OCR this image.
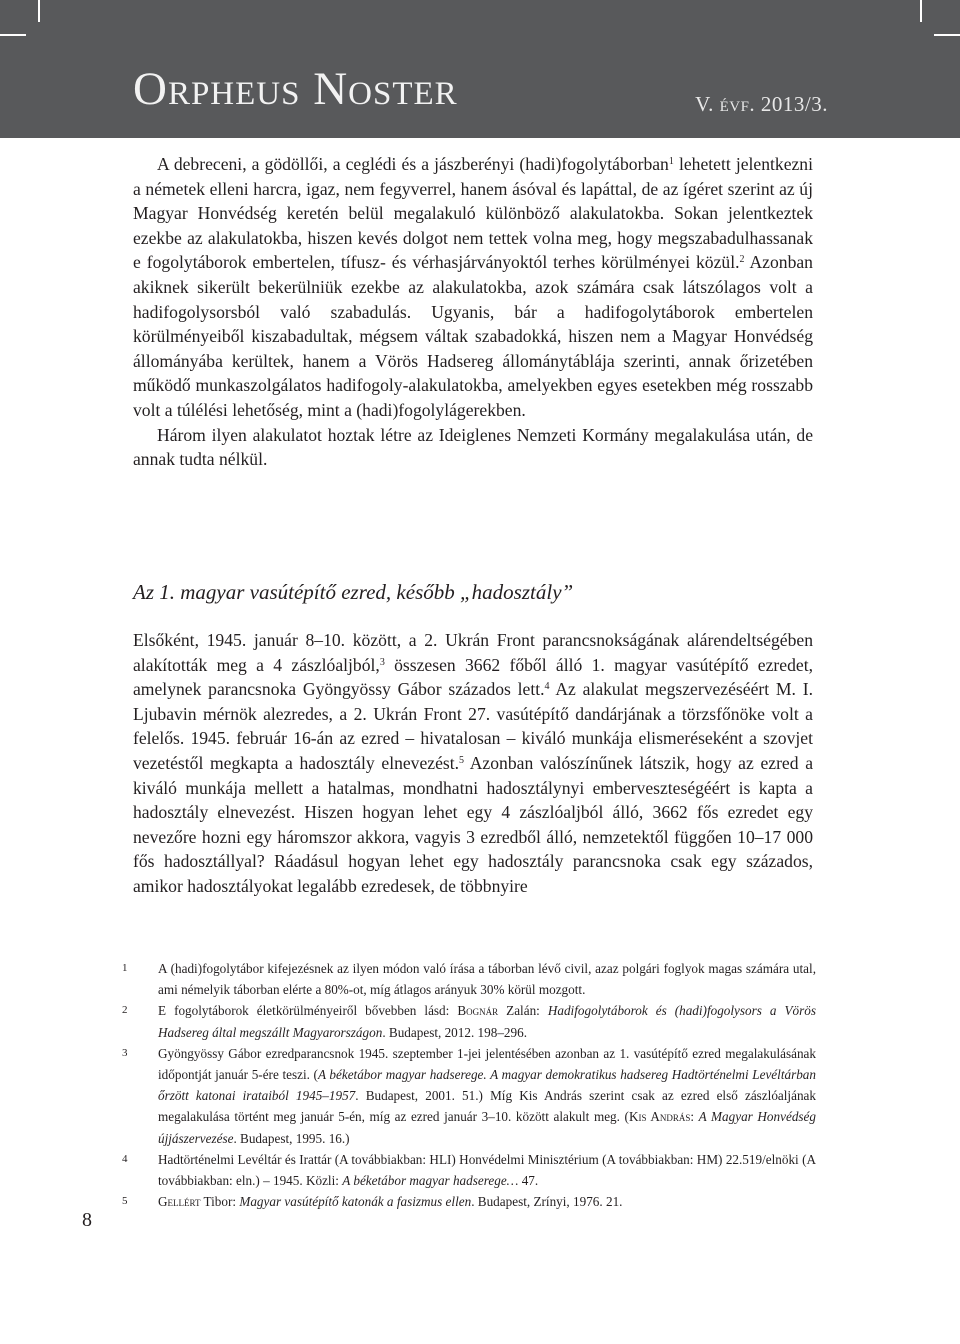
Orpheus Noster	V. évf. 2013/3.

A debreceni, a gödöllői, a ceglédi és a jászberényi (hadi)fogolytáborban$^1$ lehetett jelentkezni a németek elleni harcra, igaz, nem fegyverrel, hanem ásóval és lapáttal, de az ígéret szerint az új Magyar Honvédség keretén belül megalakuló különböző alakulatokba. Sokan jelentkeztek ezekbe az alakulatokba, hiszen kevés dolgot nem tettek volna meg, hogy megszabadulhassanak e fogolytáborok embertelen, tífusz- és vérhasjárványoktól terhes körülményei közül.$^2$ Azonban akiknek sikerült bekerülniük ezekbe az alakulatokba, azok számára csak látszólagos volt a hadifogolysorsból való szabadulás. Ugyanis, bár a hadifogolytáborok embertelen körülményeiből kiszabadultak, mégsem váltak szabadokká, hiszen nem a Magyar Honvédség állományába kerültek, hanem a Vörös Hadsereg állománytáblája szerinti, annak őrizetében működő munkaszolgálatos hadifogoly-alakulatokba, amelyekben egyes esetekben még rosszabb volt a túlélési lehetőség, mint a (hadi)fogolylágerekben.

Három ilyen alakulatot hoztak létre az Ideiglenes Nemzeti Kormány megalakulása után, de annak tudta nélkül.

Az 1. magyar vasútépítő ezred, később „hadosztály”

Elsőként, 1945. január 8–10. között, a 2. Ukrán Front parancsnokságának alárendeltségében alakították meg a 4 zászlóaljból,$^3$ összesen 3662 főből álló 1. magyar vasútépítő ezredet, amelynek parancsnoka Gyöngyössy Gábor százados lett.$^4$ Az alakulat megszervezéséért M. I. Ljubavin mérnök alezredes, a 2. Ukrán Front 27. vasútépítő dandárjának a törzsfőnöke volt a felelős. 1945. február 16-án az ezred – hivatalosan – kiváló munkája elismeréseként a szovjet vezetéstől megkapta a hadosztály elnevezést.$^5$ Azonban valószínűnek látszik, hogy az ezred a kiváló munkája mellett a hatalmas, mondhatni hadosztálynyi emberveszteségéért is kapta a hadosztály elnevezést. Hiszen hogyan lehet egy 4 zászlóaljból álló, 3662 fős ezredet egy nevezőre hozni egy háromszor akkora, vagyis 3 ezredből álló, nemzetektől függően 10–17 000 fős hadosztállyal? Ráadásul hogyan lehet egy hadosztály parancsnoka csak egy százados, amikor hadosztályokat legalább ezredesek, de többnyire

1 A (hadi)fogolytábor kifejezésnek az ilyen módon való írása a táborban lévő civil, azaz polgári foglyok magas számára utal, ami némelyik táborban elérte a 80%-ot, míg átlagos arányuk 30% körül mozgott.

2 E fogolytáborok életkörülményeiről bővebben lásd: Bognár Zalán: Hadifogolytáborok és (hadi)fogolysors a Vörös Hadsereg által megszállt Magyarországon. Budapest, 2012. 198–296.

3 Gyöngyössy Gábor ezredparancsnok 1945. szeptember 1-jei jelentésében azonban az 1. vasútépítő ezred megalakulásának időpontját január 5-ére teszi. (A béketábor magyar hadserege. A magyar demokratikus hadsereg Hadtörténelmi Levéltárban őrzött katonai irataiból 1945–1957. Budapest, 2001. 51.) Míg Kis András szerint csak az ezred első zászlóaljának megalakulása történt meg január 5-én, míg az ezred január 3–10. között alakult meg. (Kis András: A Magyar Honvédség újjászervezése. Budapest, 1995. 16.)

4 Hadtörténelmi Levéltár és Irattár (A továbbiakban: HLI) Honvédelmi Minisztérium (A továbbiakban: HM) 22.519/elnöki (A továbbiakban: eln.) – 1945. Közli: A béketábor magyar hadserege… 47.

5 Gellért Tibor: Magyar vasútépítő katonák a fasizmus ellen. Budapest, Zrínyi, 1976. 21.

8
